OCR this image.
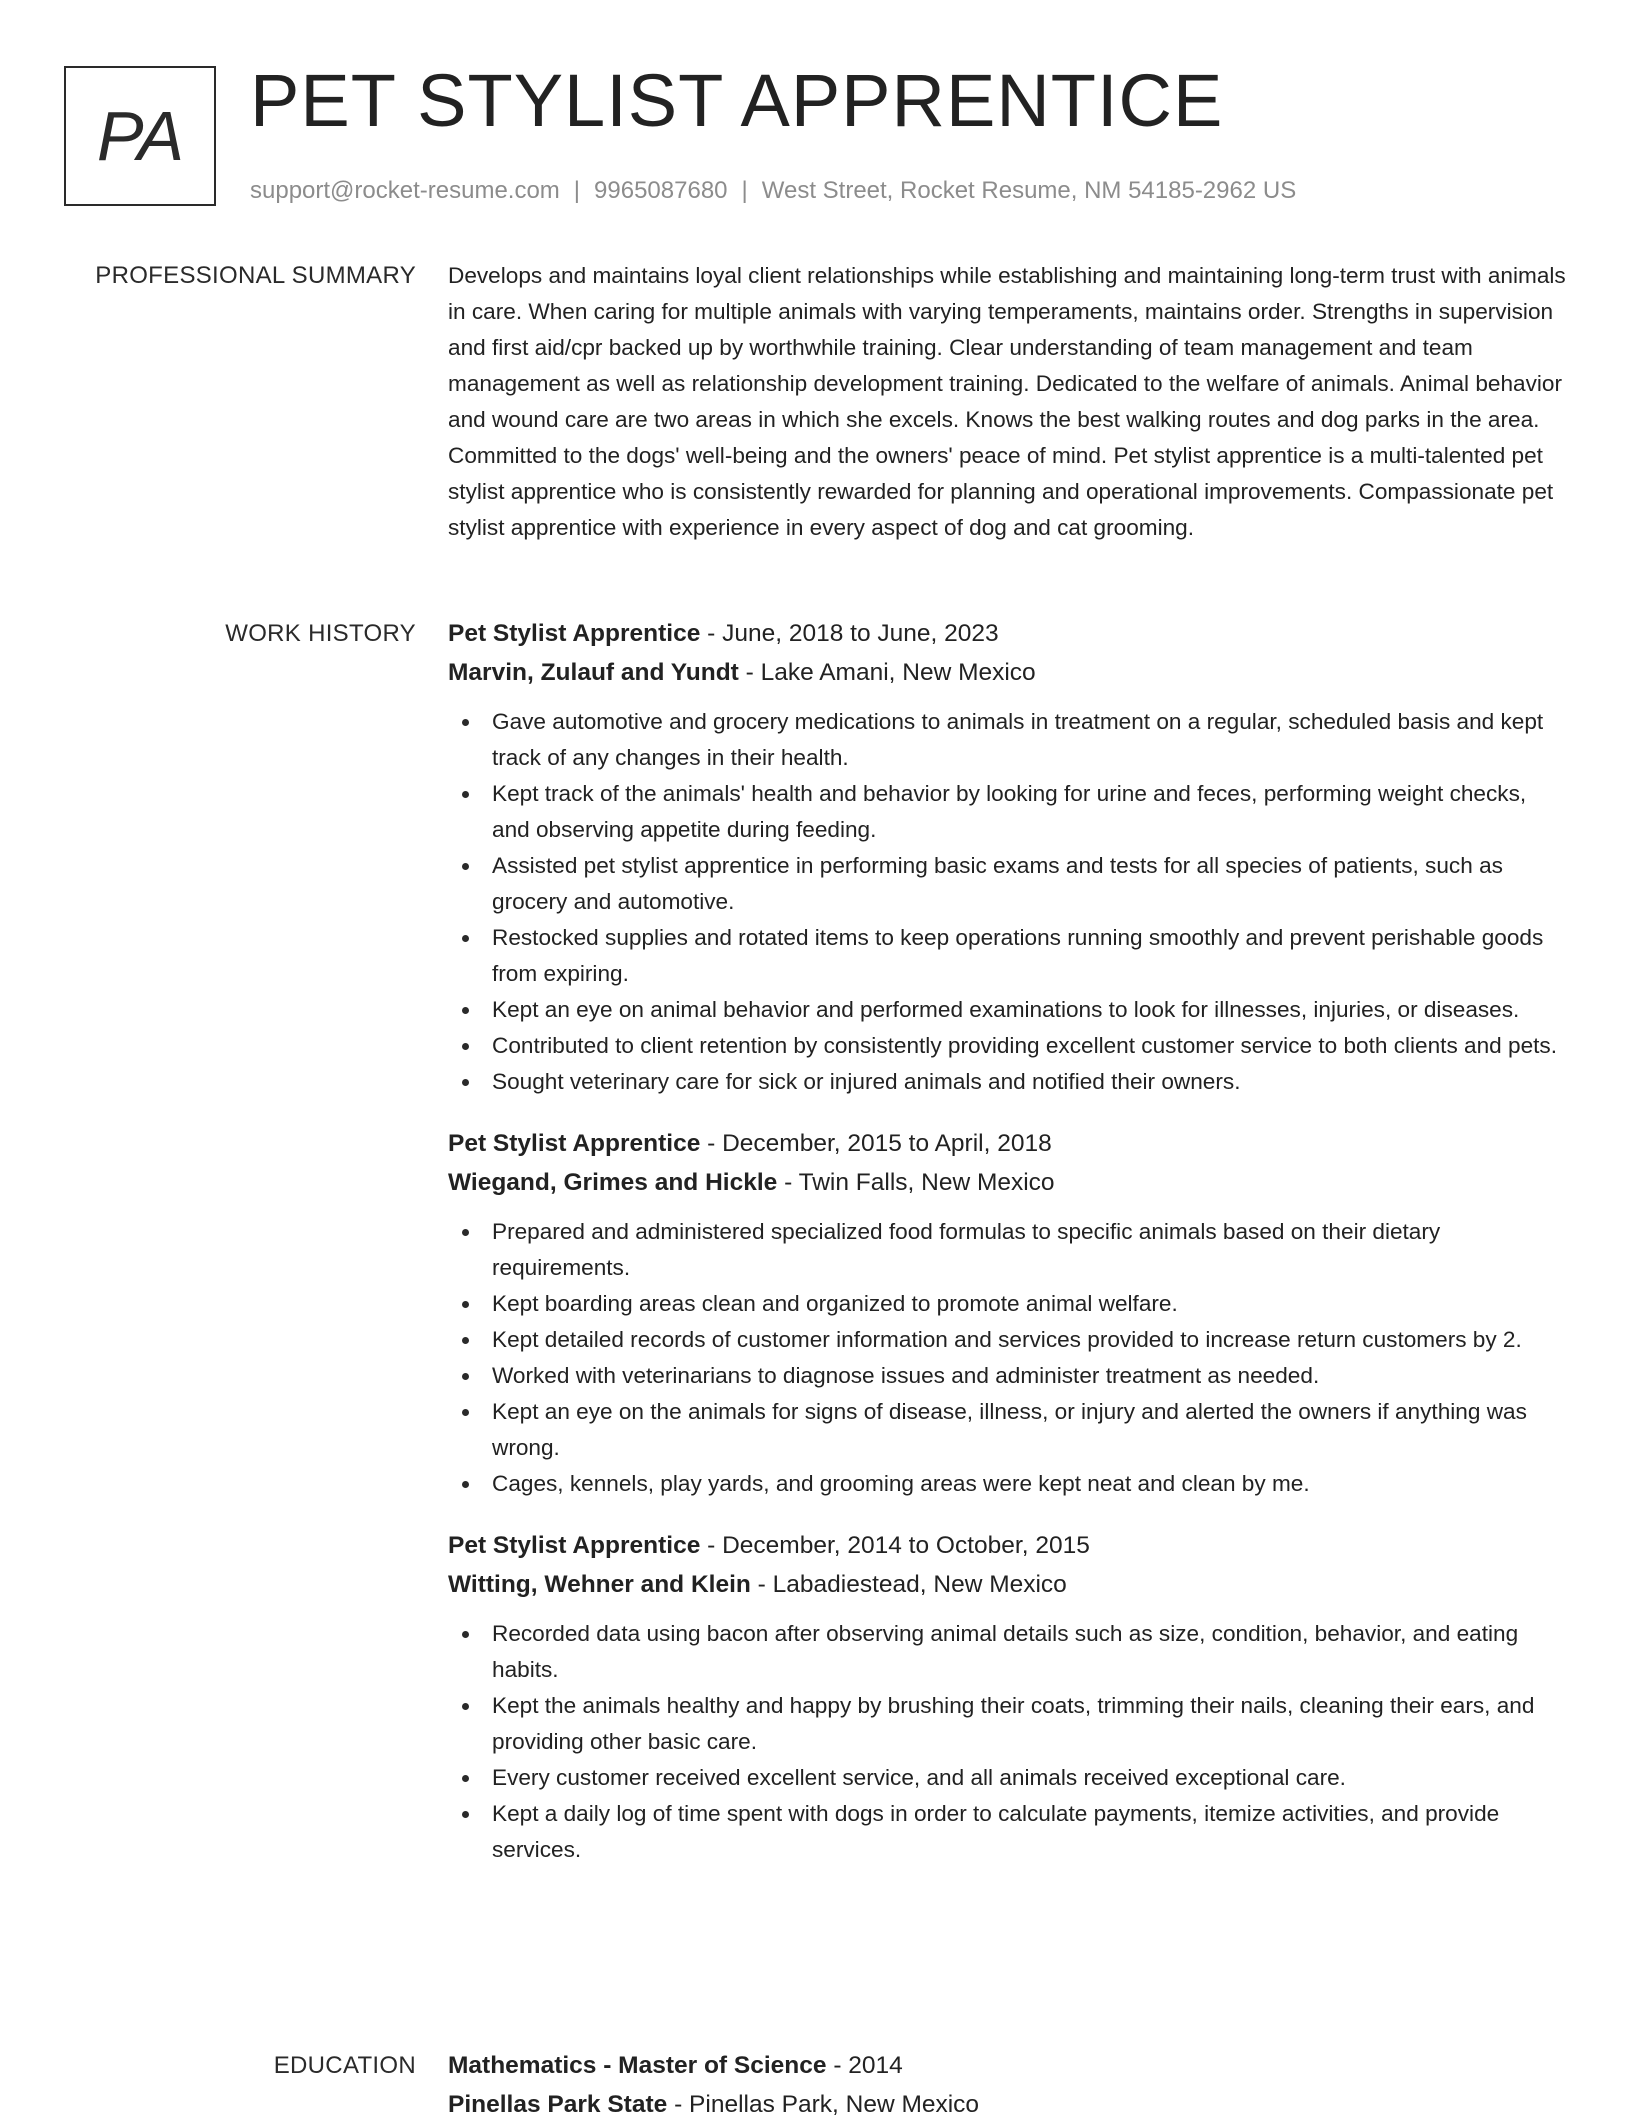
PA PET STYLIST APPRENTICE
support@rocket-resume.com | 9965087680 | West Street, Rocket Resume, NM 54185-2962 US
PROFESSIONAL SUMMARY Develops and maintains loyal client relationships while establishing and maintaining long-term trust with animals in care. When caring for multiple animals with varying temperaments, maintains order. Strengths in supervision and first aid/cpr backed up by worthwhile training. Clear understanding of team management and team management as well as relationship development training. Dedicated to the welfare of animals. Animal behavior and wound care are two areas in which she excels. Knows the best walking routes and dog parks in the area. Committed to the dogs' well-being and the owners' peace of mind. Pet stylist apprentice is a multi-talented pet stylist apprentice who is consistently rewarded for planning and operational improvements. Compassionate pet stylist apprentice with experience in every aspect of dog and cat grooming.

WORK HISTORY Pet Stylist Apprentice - June, 2018 to June, 2023
Marvin, Zulauf and Yundt - Lake Amani, New Mexico
Gave automotive and grocery medications to animals in treatment on a regular, scheduled basis and kept track of any changes in their health.
Kept track of the animals' health and behavior by looking for urine and feces, performing weight checks, and observing appetite during feeding.
Assisted pet stylist apprentice in performing basic exams and tests for all species of patients, such as grocery and automotive.
Restocked supplies and rotated items to keep operations running smoothly and prevent perishable goods from expiring.
Kept an eye on animal behavior and performed examinations to look for illnesses, injuries, or diseases.
Contributed to client retention by consistently providing excellent customer service to both clients and pets.
Sought veterinary care for sick or injured animals and notified their owners.
Pet Stylist Apprentice - December, 2015 to April, 2018
Wiegand, Grimes and Hickle - Twin Falls, New Mexico
Prepared and administered specialized food formulas to specific animals based on their dietary requirements.
Kept boarding areas clean and organized to promote animal welfare.
Kept detailed records of customer information and services provided to increase return customers by 2.
Worked with veterinarians to diagnose issues and administer treatment as needed.
Kept an eye on the animals for signs of disease, illness, or injury and alerted the owners if anything was wrong.
Cages, kennels, play yards, and grooming areas were kept neat and clean by me.
Pet Stylist Apprentice - December, 2014 to October, 2015
Witting, Wehner and Klein - Labadiestead, New Mexico
Recorded data using bacon after observing animal details such as size, condition, behavior, and eating habits.
Kept the animals healthy and happy by brushing their coats, trimming their nails, cleaning their ears, and providing other basic care.
Every customer received excellent service, and all animals received exceptional care.
Kept a daily log of time spent with dogs in order to calculate payments, itemize activities, and provide services.
EDUCATION Mathematics - Master of Science - 2014
Pinellas Park State - Pinellas Park, New Mexico
